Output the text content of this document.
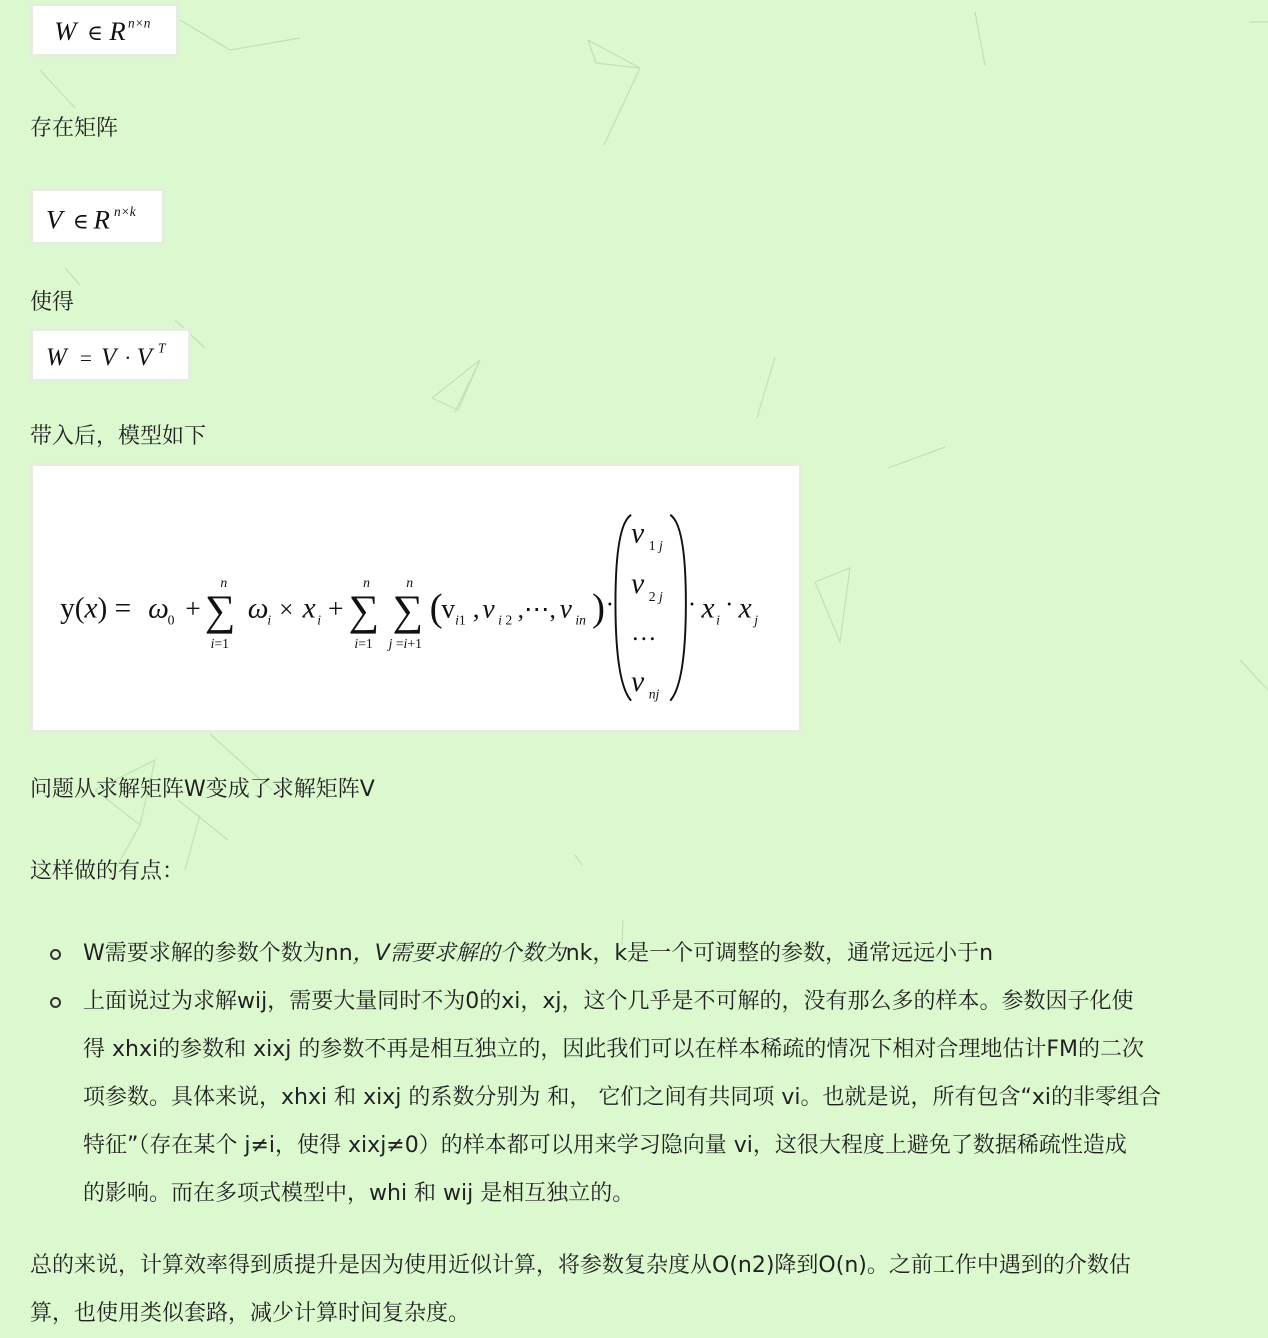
W ∈ R n×n

存在矩阵

V ∈ R n×k

使得

W = V · V T

带入后，模型如下

y(x) = ω
0 +
n
∑
i=1
ω
i × x i +
n
∑
i=1
n
∑
j =i+1
(
v i1 , v i 2 ,⋯, v in ) ·
v 1 j
v 2 j
…
v nj
· x i
· x j

问题从求解矩阵W变成了求解矩阵V

这样做的有点：

W需要求解的参数个数为nn，V需要求解的个数为nk，k是一个可调整的参数，通常远远小于n
上面说过为求解wij，需要大量同时不为0的xi，xj，这个几乎是不可解的，没有那么多的样本。参数因子化使
得 xhxi的参数和 xixj 的参数不再是相互独立的，因此我们可以在样本稀疏的情况下相对合理地估计FM的二次
项参数。具体来说，xhxi 和 xixj 的系数分别为 和， 它们之间有共同项 vi。也就是说，所有包含“xi的非零组合
特征”（存在某个 j≠i，使得 xixj≠0）的样本都可以用来学习隐向量 vi，这很大程度上避免了数据稀疏性造成
的影响。而在多项式模型中，whi 和 wij 是相互独立的。

总的来说，计算效率得到质提升是因为使用近似计算，将参数复杂度从O(n2)降到O(n)。之前工作中遇到的介数估
算，也使用类似套路，减少计算时间复杂度。
